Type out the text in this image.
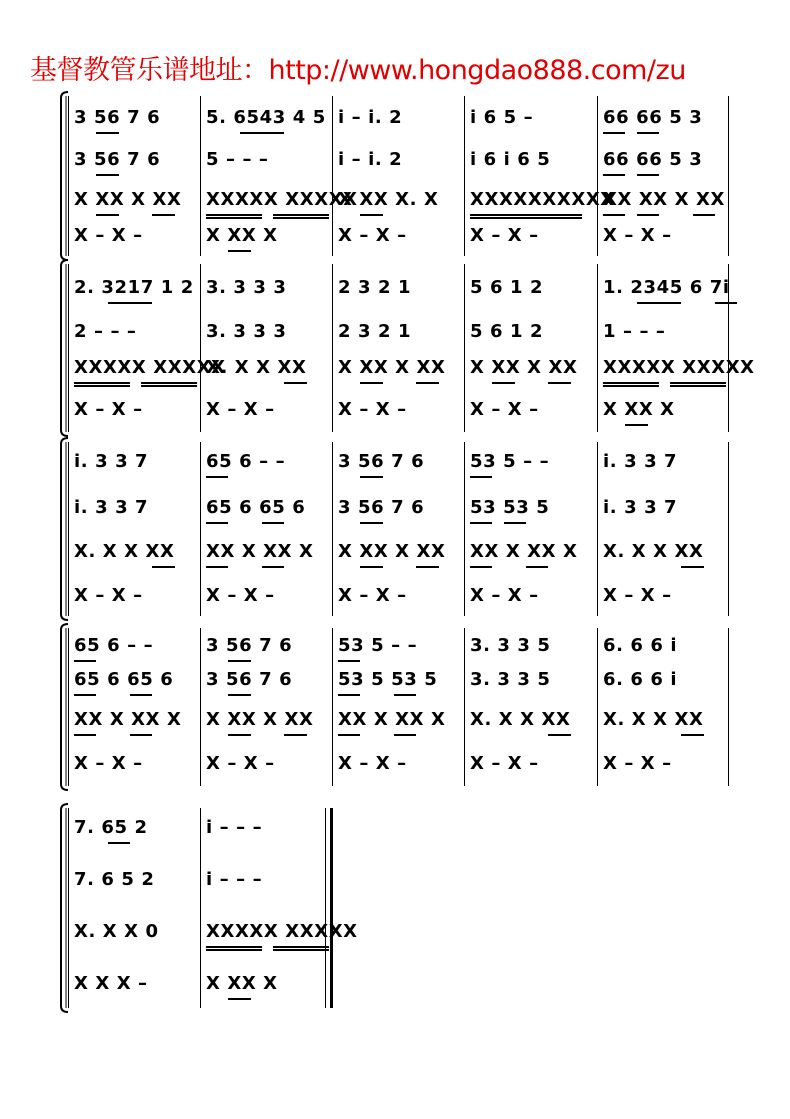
基督教管乐谱地址：http://www.hongdao888.com/zu
3 56 7 6
3 56 7 6
X XX X XX
X – X –
5. 6543 4 5
5 – – –
XXXXX XXXXX
X XX X
i – i. 2
i – i. 2
X XX X. X
X – X –
i 6 5 –
i 6 i 6 5
XXXXXXXXXX
X – X –
66 66 5 3
66 66 5 3
XX XX X XX
X – X –
2. 3217 1 2
2 – – –
XXXXX XXXXX
X – X –
3. 3 3 3
3. 3 3 3
X. X X XX
X – X –
2 3 2 1
2 3 2 1
X XX X XX
X – X –
5 6 1 2
5 6 1 2
X XX X XX
X – X –
1. 2345 6 7i
1 – – –
XXXXX XXXXX
X XX X
i. 3 3 7
i. 3 3 7
X. X X XX
X – X –
65 6 – –
65 6 65 6
XX X XX X
X – X –
3 56 7 6
3 56 7 6
X XX X XX
X – X –
53 5 – –
53 53 5
XX X XX X
X – X –
i. 3 3 7
i. 3 3 7
X. X X XX
X – X –
65 6 – –
65 6 65 6
XX X XX X
X – X –
3 56 7 6
3 56 7 6
X XX X XX
X – X –
53 5 – –
53 5 53 5
XX X XX X
X – X –
3. 3 3 5
3. 3 3 5
X. X X XX
X – X –
6. 6 6 i
6. 6 6 i
X. X X XX
X – X –
7. 65 2
7. 6 5 2
X. X X 0
X X X –
i – – –
i – – –
XXXXX XXXXX
X XX X
